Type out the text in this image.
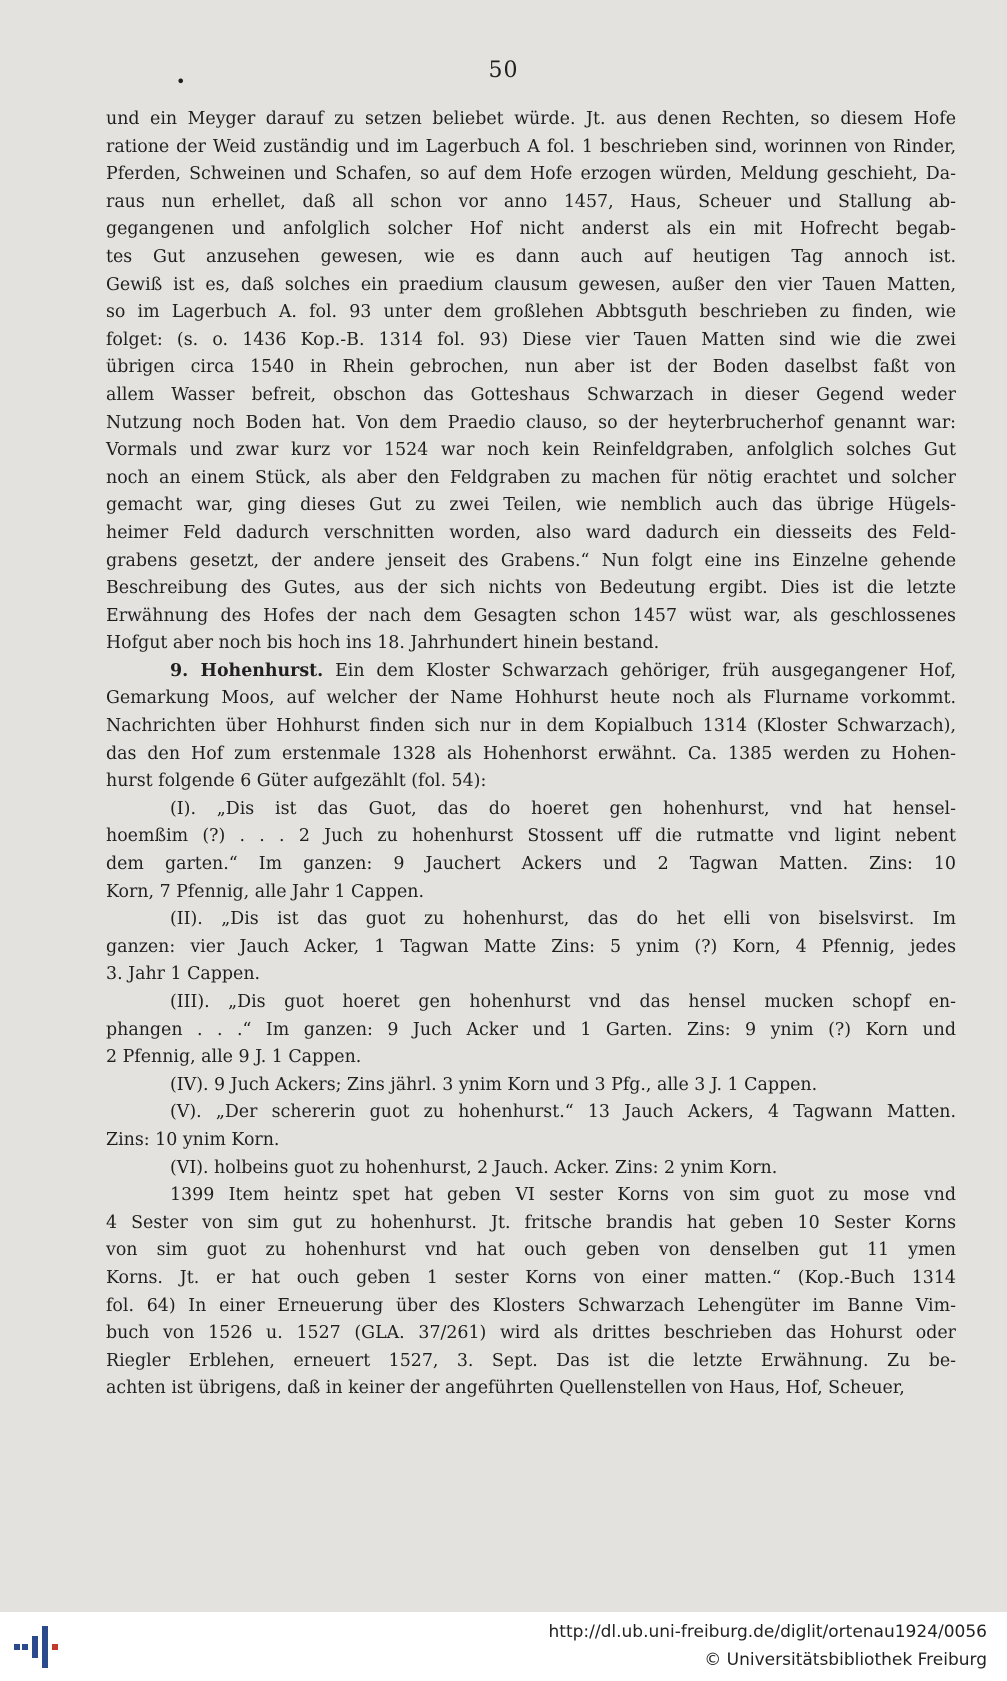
•	50

und ein Meyger darauf zu setzen beliebet würde. Jt. aus denen Rechten, so diesem Hofe

ratione der Weid zuständig und im Lagerbuch A fol. 1 beschrieben sind, worinnen von Rinder,

Pferden, Schweinen und Schafen, so auf dem Hofe erzogen würden, Meldung geschieht, Da-

raus nun erhellet, daß all schon vor anno 1457, Haus, Scheuer und Stallung ab-

gegangenen und anfolglich solcher Hof nicht anderst als ein mit Hofrecht begab-

tes Gut anzusehen gewesen, wie es dann auch auf heutigen Tag annoch ist.

Gewiß ist es, daß solches ein praedium clausum gewesen, außer den vier Tauen Matten,

so im Lagerbuch A. fol. 93 unter dem großlehen Abbtsguth beschrieben zu finden, wie

folget: (s. o. 1436 Kop.-B. 1314 fol. 93) Diese vier Tauen Matten sind wie die zwei

übrigen circa 1540 in Rhein gebrochen, nun aber ist der Boden daselbst faßt von

allem Wasser befreit, obschon das Gotteshaus Schwarzach in dieser Gegend weder

Nutzung noch Boden hat. Von dem Praedio clauso, so der heyterbrucherhof genannt war:

Vormals und zwar kurz vor 1524 war noch kein Reinfeldgraben, anfolglich solches Gut

noch an einem Stück, als aber den Feldgraben zu machen für nötig erachtet und solcher

gemacht war, ging dieses Gut zu zwei Teilen, wie nemblich auch das übrige Hügels-

heimer Feld dadurch verschnitten worden, also ward dadurch ein diesseits des Feld-

grabens gesetzt, der andere jenseit des Grabens.“ Nun folgt eine ins Einzelne gehende

Beschreibung des Gutes, aus der sich nichts von Bedeutung ergibt. Dies ist die letzte

Erwähnung des Hofes der nach dem Gesagten schon 1457 wüst war, als geschlossenes

Hofgut aber noch bis hoch ins 18. Jahrhundert hinein bestand.

9. Hohenhurst. Ein dem Kloster Schwarzach gehöriger, früh ausgegangener Hof,

Gemarkung Moos, auf welcher der Name Hohhurst heute noch als Flurname vorkommt.

Nachrichten über Hohhurst finden sich nur in dem Kopialbuch 1314 (Kloster Schwarzach),

das den Hof zum erstenmale 1328 als Hohenhorst erwähnt. Ca. 1385 werden zu Hohen-

hurst folgende 6 Güter aufgezählt (fol. 54):

(I). „Dis ist das Guot, das do hoeret gen hohenhurst, vnd hat hensel-

hoemßim (?) . . . 2 Juch zu hohenhurst Stossent uff die rutmatte vnd ligint nebent

dem garten.“ Im ganzen: 9 Jauchert Ackers und 2 Tagwan Matten. Zins: 10

Korn, 7 Pfennig, alle Jahr 1 Cappen.

(II). „Dis ist das guot zu hohenhurst, das do het elli von biselsvirst. Im

ganzen: vier Jauch Acker, 1 Tagwan Matte Zins: 5 ynim (?) Korn, 4 Pfennig, jedes

3. Jahr 1 Cappen.

(III). „Dis guot hoeret gen hohenhurst vnd das hensel mucken schopf en-

phangen . . .“ Im ganzen: 9 Juch Acker und 1 Garten. Zins: 9 ynim (?) Korn und

2 Pfennig, alle 9 J. 1 Cappen.

(IV). 9 Juch Ackers; Zins jährl. 3 ynim Korn und 3 Pfg., alle 3 J. 1 Cappen.

(V). „Der schererin guot zu hohenhurst.“ 13 Jauch Ackers, 4 Tagwann Matten.

Zins: 10 ynim Korn.

(VI). holbeins guot zu hohenhurst, 2 Jauch. Acker. Zins: 2 ynim Korn.

1399 Item heintz spet hat geben VI sester Korns von sim guot zu mose vnd

4 Sester von sim gut zu hohenhurst. Jt. fritsche brandis hat geben 10 Sester Korns

von sim guot zu hohenhurst vnd hat ouch geben von denselben gut 11 ymen

Korns. Jt. er hat ouch geben 1 sester Korns von einer matten.“ (Kop.-Buch 1314

fol. 64) In einer Erneuerung über des Klosters Schwarzach Lehengüter im Banne Vim-

buch von 1526 u. 1527 (GLA. 37/261) wird als drittes beschrieben das Hohurst oder

Riegler Erblehen, erneuert 1527, 3. Sept. Das ist die letzte Erwähnung. Zu be-

achten ist übrigens, daß in keiner der angeführten Quellenstellen von Haus, Hof, Scheuer,

http://dl.ub.uni-freiburg.de/diglit/ortenau1924/0056
© Universitätsbibliothek Freiburg
